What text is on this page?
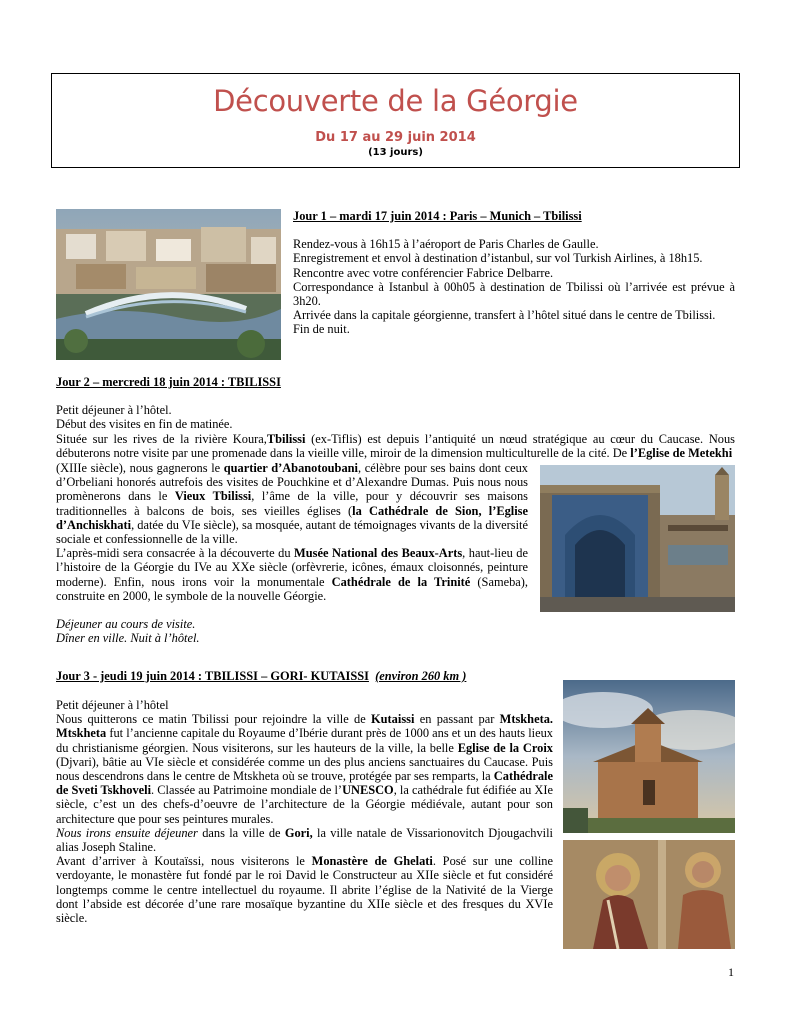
Découverte de la Géorgie
Du 17 au 29 juin 2014
(13 jours)

Jour 1 – mardi 17 juin 2014 : Paris – Munich – Tbilissi

Rendez-vous à 16h15 à l’aéroport de Paris Charles de Gaulle.

Enregistrement et envol à destination d’istanbul, sur vol Turkish Airlines, à 18h15.

Rencontre avec votre conférencier Fabrice Delbarre.

Correspondance à Istanbul à 00h05 à destination de Tbilissi où l’arrivée est prévue à 3h20.

Arrivée dans la capitale géorgienne, transfert à l’hôtel situé dans le centre de Tbilissi.

Fin de nuit.

Jour 2 – mercredi 18 juin 2014 : TBILISSI

Petit déjeuner à l’hôtel.

Début des visites en fin de matinée.

Située sur les rives de la rivière Koura,Tbilissi (ex-Tiflis) est depuis l’antiquité un nœud stratégique au cœur du Caucase. Nous débuterons notre visite par une promenade dans la vieille ville, miroir de la dimension multiculturelle de la cité. De l’Eglise de Metekhi
(XIIIe siècle), nous gagnerons le quartier d’Abanotoubani, célèbre pour ses bains dont ceux d’Orbeliani honorés autrefois des visites de Pouchkine et d’Alexandre Dumas. Puis nous nous promènerons dans le Vieux Tbilissi, l’âme de la ville, pour y découvrir ses maisons traditionnelles à balcons de bois, ses vieilles églises (la Cathédrale de Sion, l’Eglise d’Anchiskhati, datée du VIe siècle), sa mosquée, autant de témoignages vivants de la diversité sociale et confessionnelle de la ville.

L’après-midi sera consacrée à la découverte du Musée National des Beaux-Arts, haut-lieu de l’histoire de la Géorgie du IVe au XXe siècle (orfèvrerie, icônes, émaux cloisonnés, peinture moderne). Enfin, nous irons voir la monumentale Cathédrale de la Trinité (Sameba), construite en 2000, le symbole de la nouvelle Géorgie.

Déjeuner au cours de visite.

Dîner en ville. Nuit à l’hôtel.

Jour 3 - jeudi 19 juin 2014 : TBILISSI – GORI- KUTAISSI (environ 260 km )

Petit déjeuner à l’hôtel

Nous quitterons ce matin Tbilissi pour rejoindre la ville de Kutaissi en passant par Mtskheta. Mtskheta fut l’ancienne capitale du Royaume d’Ibérie durant près de 1000 ans et un des hauts lieux du christianisme géorgien. Nous visiterons, sur les hauteurs de la ville, la belle Eglise de la Croix (Djvari), bâtie au VIe siècle et considérée comme un des plus anciens sanctuaires du Caucase. Puis nous descendrons dans le centre de Mtskheta où se trouve, protégée par ses remparts, la Cathédrale de Sveti Tskhoveli. Classée au Patrimoine mondiale de l’UNESCO, la cathédrale fut édifiée au XIe siècle, c’est un des chefs-d’oeuvre de l’architecture de la Géorgie médiévale, autant pour son architecture que pour ses peintures murales.

Nous irons ensuite déjeuner dans la ville de Gori, la ville natale de Vissarionovitch Djougachvili alias Joseph Staline.

Avant d’arriver à Koutaïssi, nous visiterons le Monastère de Ghelati. Posé sur une colline verdoyante, le monastère fut fondé par le roi David le Constructeur au XIIe siècle et fut considéré longtemps comme le centre intellectuel du royaume. Il abrite l’église de la Nativité de la Vierge dont l’abside est décorée d’une rare mosaïque byzantine du XIIe siècle et des fresques du XVIe siècle.

1
